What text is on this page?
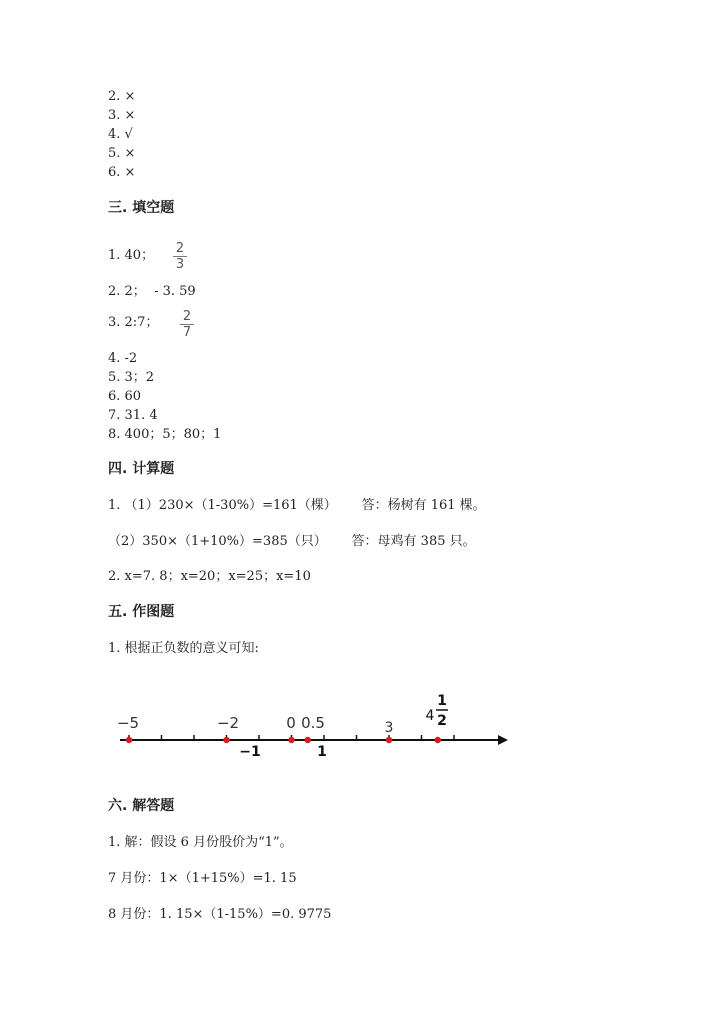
2. ×
3. ×
4. √
5. ×
6. ×
三. 填空题
1. 40； 2
3
2. 2；  - 3. 59
3. 2:7； 2
7
4. -2
5. 3；2
6. 60
7. 31. 4
8. 400；5；80；1
四. 计算题
1. （1）230×（1-30%）=161（棵）      答：杨树有 161 棵。
（2）350×（1+10%）=385（只）      答：母鸡有 385 只。
2. x=7. 8；x=20；x=25；x=10
五. 作图题
1. 根据正负数的意义可知:
−5	−2	0 0.5	3
4
1
2
−1	1
六. 解答题
1. 解：假设 6 月份股价为“1”。
7 月份：1×（1+15%）=1. 15
8 月份：1. 15×（1-15%）=0. 9775
